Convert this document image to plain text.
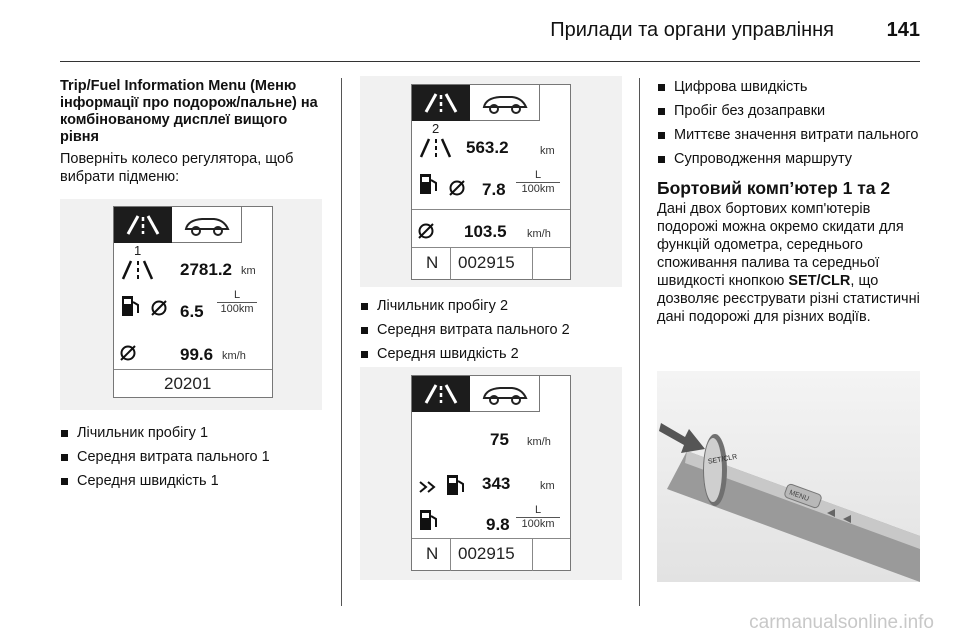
Прилади та органи управління	141
Trip/Fuel Information Menu (Меню інформації про подорож/пальне) на комбінованому дисплеї вищого рівня
Поверніть колесо регулятора, щоб вибрати підменю:
1
2781.2 km
$6.5 \frac{L}{100km}$
99.6 km/h
20201
Лічильник пробігу 1
Середня витрата пального 1
Середня швидкість 1
2
563.2	km
$7.8 \frac{L}{100km}$
103.5 km/h
N 002915
Лічильник пробігу 2
Середня витрата пального 2
Середня швидкість 2
75 km/h
343	km
$9.8 \frac{L}{100km}$
N 002915
Цифрова швидкість
Пробіг без дозаправки
Миттєве значення витрати пального
Супроводження маршруту
Бортовий комп’ютер 1 та 2
Дані двох бортових комп'ютерів подорожі можна окремо скидати для функцій одометра, середнього споживання палива та середньої швидкості кнопкою SET/CLR, що дозволяє реєструвати різні статистичні дані подорожі для різних водіїв.
SET/CLR
MENU
carmanualsonline.info
